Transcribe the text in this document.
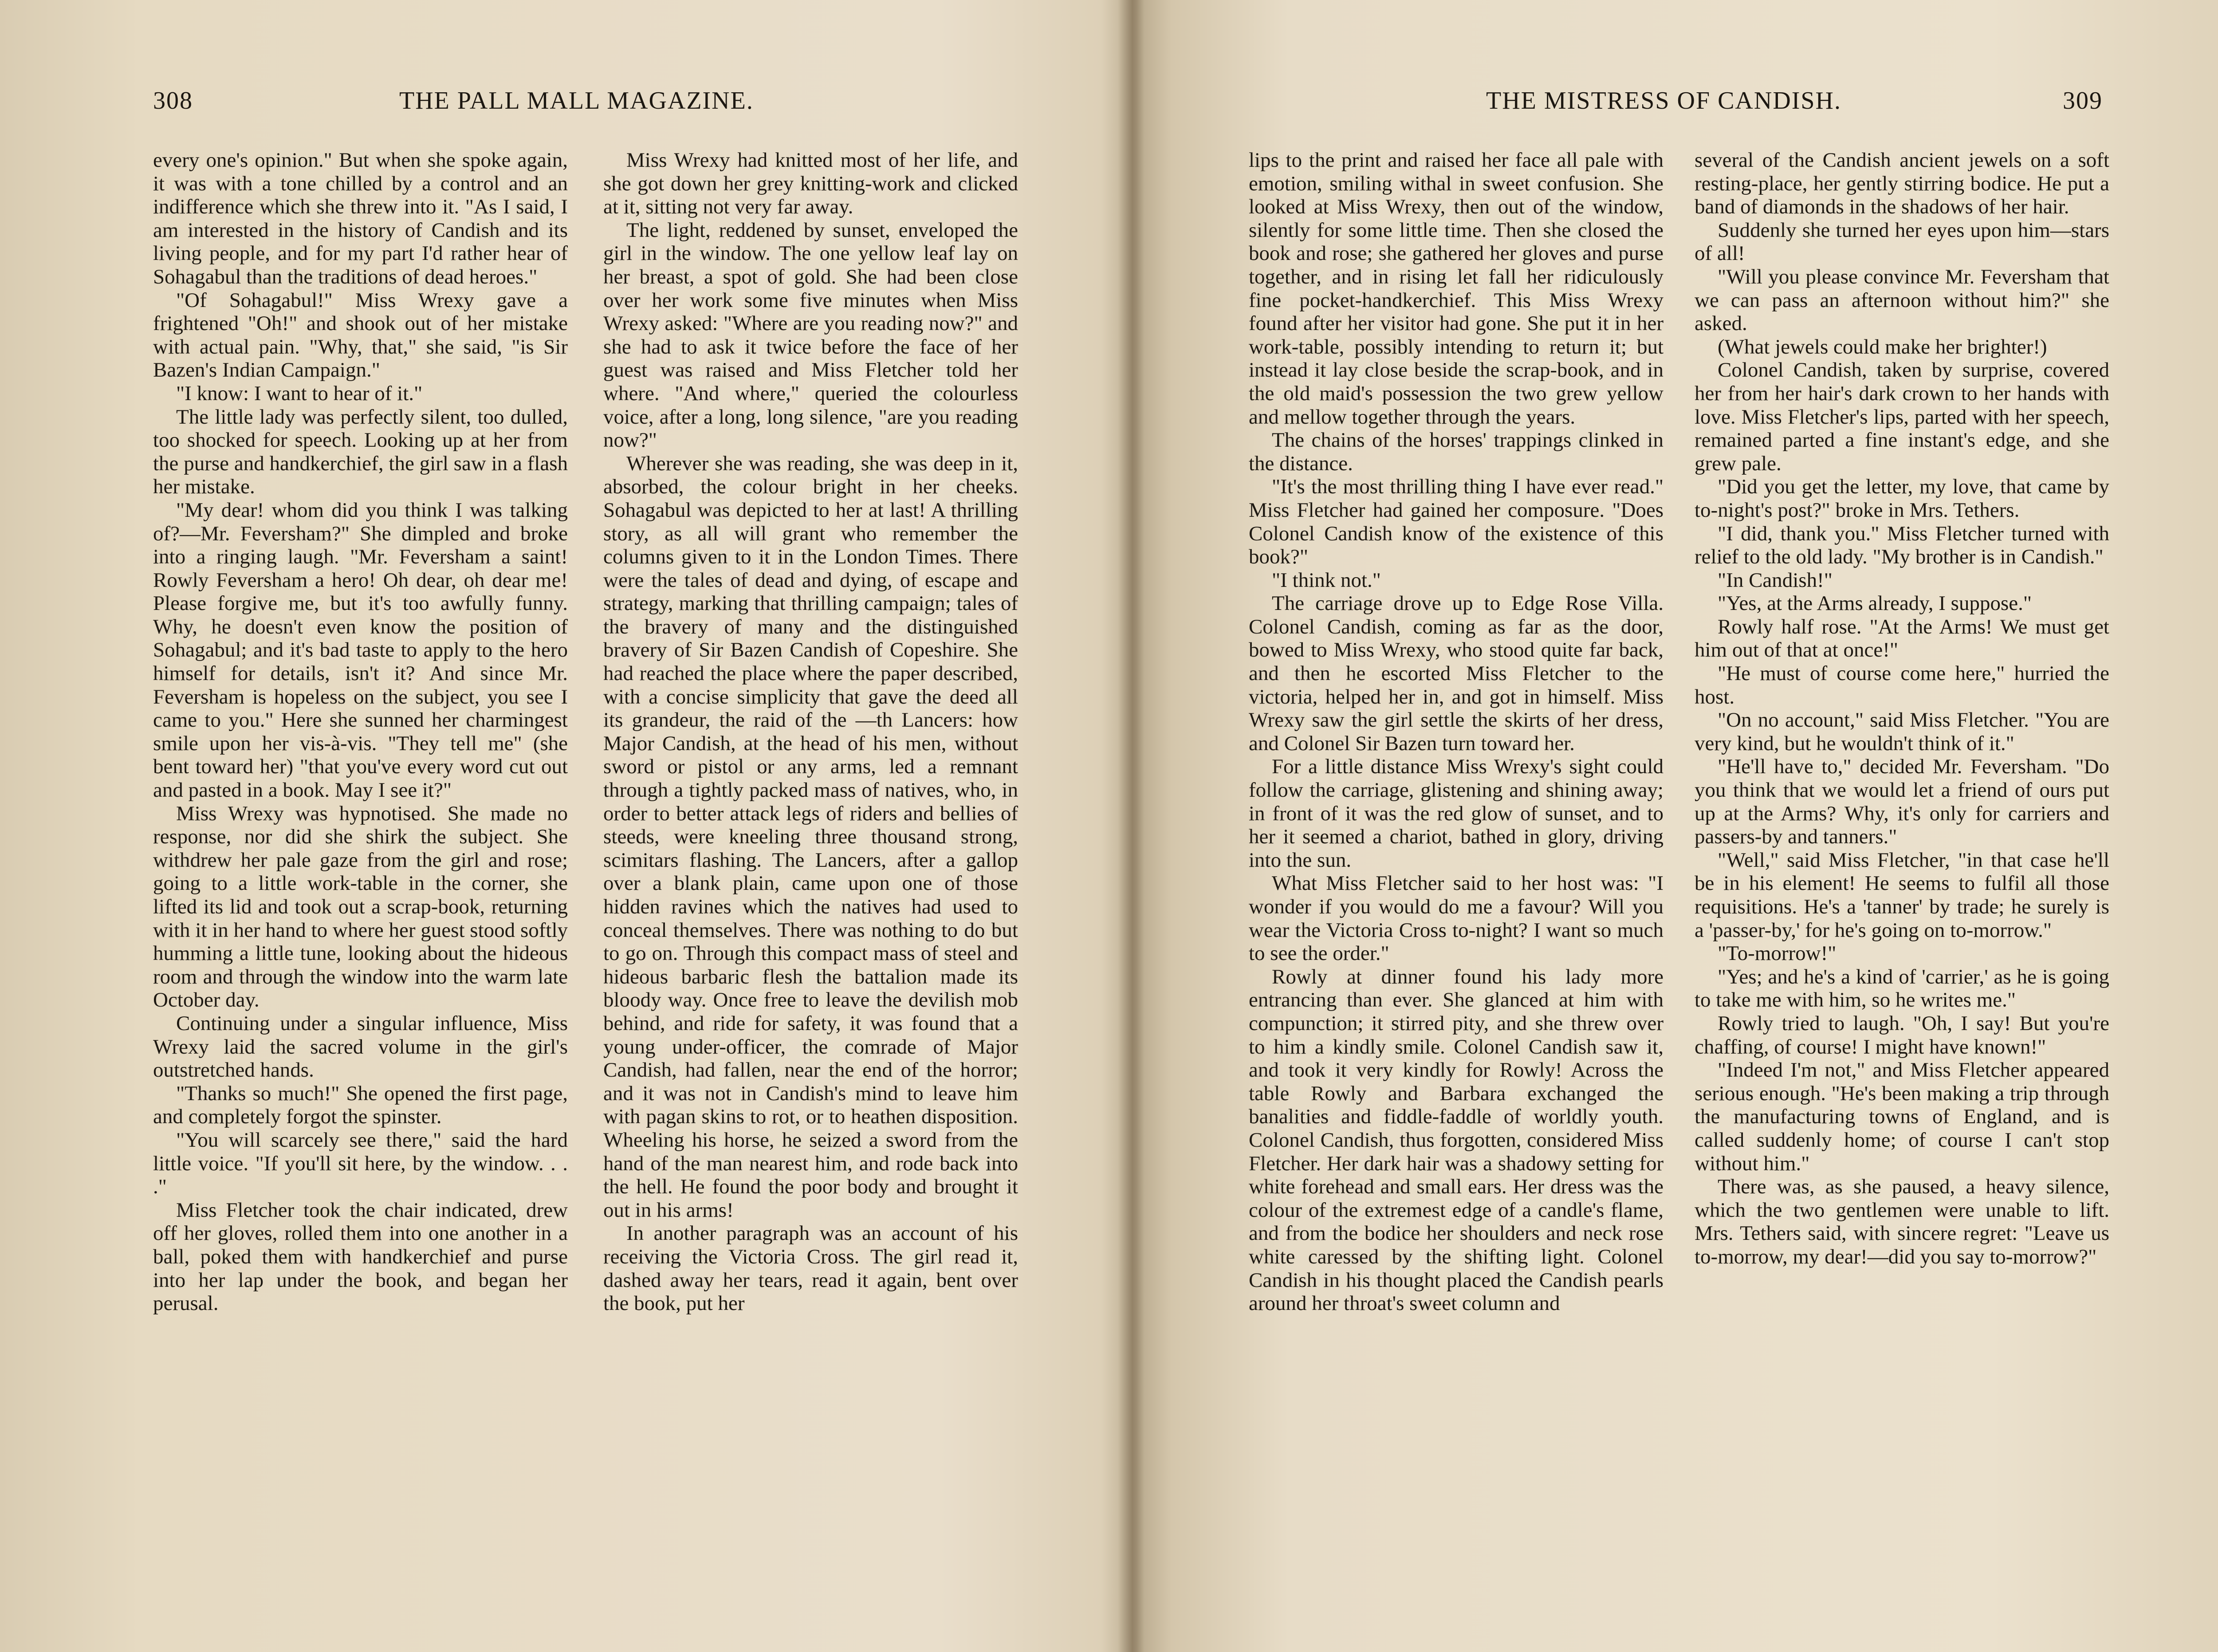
308	THE PALL MALL MAGAZINE.

every one's opinion." But when she spoke again, it was with a tone chilled by a control and an indifference which she threw into it. "As I said, I am interested in the history of Candish and its living people, and for my part I'd rather hear of Sohagabul than the traditions of dead heroes."

"Of Sohagabul!" Miss Wrexy gave a frightened "Oh!" and shook out of her mistake with actual pain. "Why, that," she said, "is Sir Bazen's Indian Campaign."

"I know: I want to hear of it."

The little lady was perfectly silent, too dulled, too shocked for speech. Looking up at her from the purse and handkerchief, the girl saw in a flash her mistake.

"My dear! whom did you think I was talking of?—Mr. Feversham?" She dimpled and broke into a ringing laugh. "Mr. Feversham a saint! Rowly Feversham a hero! Oh dear, oh dear me! Please forgive me, but it's too awfully funny. Why, he doesn't even know the position of Sohagabul; and it's bad taste to apply to the hero himself for details, isn't it? And since Mr. Feversham is hopeless on the subject, you see I came to you." Here she sunned her charmingest smile upon her vis-à-vis. "They tell me" (she bent toward her) "that you've every word cut out and pasted in a book. May I see it?"

Miss Wrexy was hypnotised. She made no response, nor did she shirk the subject. She withdrew her pale gaze from the girl and rose; going to a little work-table in the corner, she lifted its lid and took out a scrap-book, returning with it in her hand to where her guest stood softly humming a little tune, looking about the hideous room and through the window into the warm late October day.

Continuing under a singular influence, Miss Wrexy laid the sacred volume in the girl's outstretched hands.

"Thanks so much!" She opened the first page, and completely forgot the spinster.

"You will scarcely see there," said the hard little voice. "If you'll sit here, by the window. . . ."

Miss Fletcher took the chair indicated, drew off her gloves, rolled them into one another in a ball, poked them with handkerchief and purse into her lap under the book, and began her perusal.

Miss Wrexy had knitted most of her life, and she got down her grey knitting-work and clicked at it, sitting not very far away.

The light, reddened by sunset, enveloped the girl in the window. The one yellow leaf lay on her breast, a spot of gold. She had been close over her work some five minutes when Miss Wrexy asked: "Where are you reading now?" and she had to ask it twice before the face of her guest was raised and Miss Fletcher told her where. "And where," queried the colourless voice, after a long, long silence, "are you reading now?"

Wherever she was reading, she was deep in it, absorbed, the colour bright in her cheeks. Sohagabul was depicted to her at last! A thrilling story, as all will grant who remember the columns given to it in the London Times. There were the tales of dead and dying, of escape and strategy, marking that thrilling campaign; tales of the bravery of many and the distinguished bravery of Sir Bazen Candish of Copeshire. She had reached the place where the paper described, with a concise simplicity that gave the deed all its grandeur, the raid of the —th Lancers: how Major Candish, at the head of his men, without sword or pistol or any arms, led a remnant through a tightly packed mass of natives, who, in order to better attack legs of riders and bellies of steeds, were kneeling three thousand strong, scimitars flashing. The Lancers, after a gallop over a blank plain, came upon one of those hidden ravines which the natives had used to conceal themselves. There was nothing to do but to go on. Through this compact mass of steel and hideous barbaric flesh the battalion made its bloody way. Once free to leave the devilish mob behind, and ride for safety, it was found that a young under-officer, the comrade of Major Candish, had fallen, near the end of the horror; and it was not in Candish's mind to leave him with pagan skins to rot, or to heathen disposition. Wheeling his horse, he seized a sword from the hand of the man nearest him, and rode back into the hell. He found the poor body and brought it out in his arms!

In another paragraph was an account of his receiving the Victoria Cross. The girl read it, dashed away her tears, read it again, bent over the book, put her

THE MISTRESS OF CANDISH.	309

lips to the print and raised her face all pale with emotion, smiling withal in sweet confusion. She looked at Miss Wrexy, then out of the window, silently for some little time. Then she closed the book and rose; she gathered her gloves and purse together, and in rising let fall her ridiculously fine pocket-handkerchief. This Miss Wrexy found after her visitor had gone. She put it in her work-table, possibly intending to return it; but instead it lay close beside the scrap-book, and in the old maid's possession the two grew yellow and mellow together through the years.

The chains of the horses' trappings clinked in the distance.

"It's the most thrilling thing I have ever read." Miss Fletcher had gained her composure. "Does Colonel Candish know of the existence of this book?"

"I think not."

The carriage drove up to Edge Rose Villa. Colonel Candish, coming as far as the door, bowed to Miss Wrexy, who stood quite far back, and then he escorted Miss Fletcher to the victoria, helped her in, and got in himself. Miss Wrexy saw the girl settle the skirts of her dress, and Colonel Sir Bazen turn toward her.

For a little distance Miss Wrexy's sight could follow the carriage, glistening and shining away; in front of it was the red glow of sunset, and to her it seemed a chariot, bathed in glory, driving into the sun.

What Miss Fletcher said to her host was: "I wonder if you would do me a favour? Will you wear the Victoria Cross to-night? I want so much to see the order."

Rowly at dinner found his lady more entrancing than ever. She glanced at him with compunction; it stirred pity, and she threw over to him a kindly smile. Colonel Candish saw it, and took it very kindly for Rowly! Across the table Rowly and Barbara exchanged the banalities and fiddle-faddle of worldly youth. Colonel Candish, thus forgotten, considered Miss Fletcher. Her dark hair was a shadowy setting for white forehead and small ears. Her dress was the colour of the extremest edge of a candle's flame, and from the bodice her shoulders and neck rose white caressed by the shifting light. Colonel Candish in his thought placed the Candish pearls around her throat's sweet column and

several of the Candish ancient jewels on a soft resting-place, her gently stirring bodice. He put a band of diamonds in the shadows of her hair.

Suddenly she turned her eyes upon him—stars of all!

"Will you please convince Mr. Feversham that we can pass an afternoon without him?" she asked.

(What jewels could make her brighter!)

Colonel Candish, taken by surprise, covered her from her hair's dark crown to her hands with love. Miss Fletcher's lips, parted with her speech, remained parted a fine instant's edge, and she grew pale.

"Did you get the letter, my love, that came by to-night's post?" broke in Mrs. Tethers.

"I did, thank you." Miss Fletcher turned with relief to the old lady. "My brother is in Candish."

"In Candish!"

"Yes, at the Arms already, I suppose."

Rowly half rose. "At the Arms! We must get him out of that at once!"

"He must of course come here," hurried the host.

"On no account," said Miss Fletcher. "You are very kind, but he wouldn't think of it."

"He'll have to," decided Mr. Feversham. "Do you think that we would let a friend of ours put up at the Arms? Why, it's only for carriers and passers-by and tanners."

"Well," said Miss Fletcher, "in that case he'll be in his element! He seems to fulfil all those requisitions. He's a 'tanner' by trade; he surely is a 'passer-by,' for he's going on to-morrow."

"To-morrow!"

"Yes; and he's a kind of 'carrier,' as he is going to take me with him, so he writes me."

Rowly tried to laugh. "Oh, I say! But you're chaffing, of course! I might have known!"

"Indeed I'm not," and Miss Fletcher appeared serious enough. "He's been making a trip through the manufacturing towns of England, and is called suddenly home; of course I can't stop without him."

There was, as she paused, a heavy silence, which the two gentlemen were unable to lift. Mrs. Tethers said, with sincere regret: "Leave us to-morrow, my dear!—did you say to-morrow?"
